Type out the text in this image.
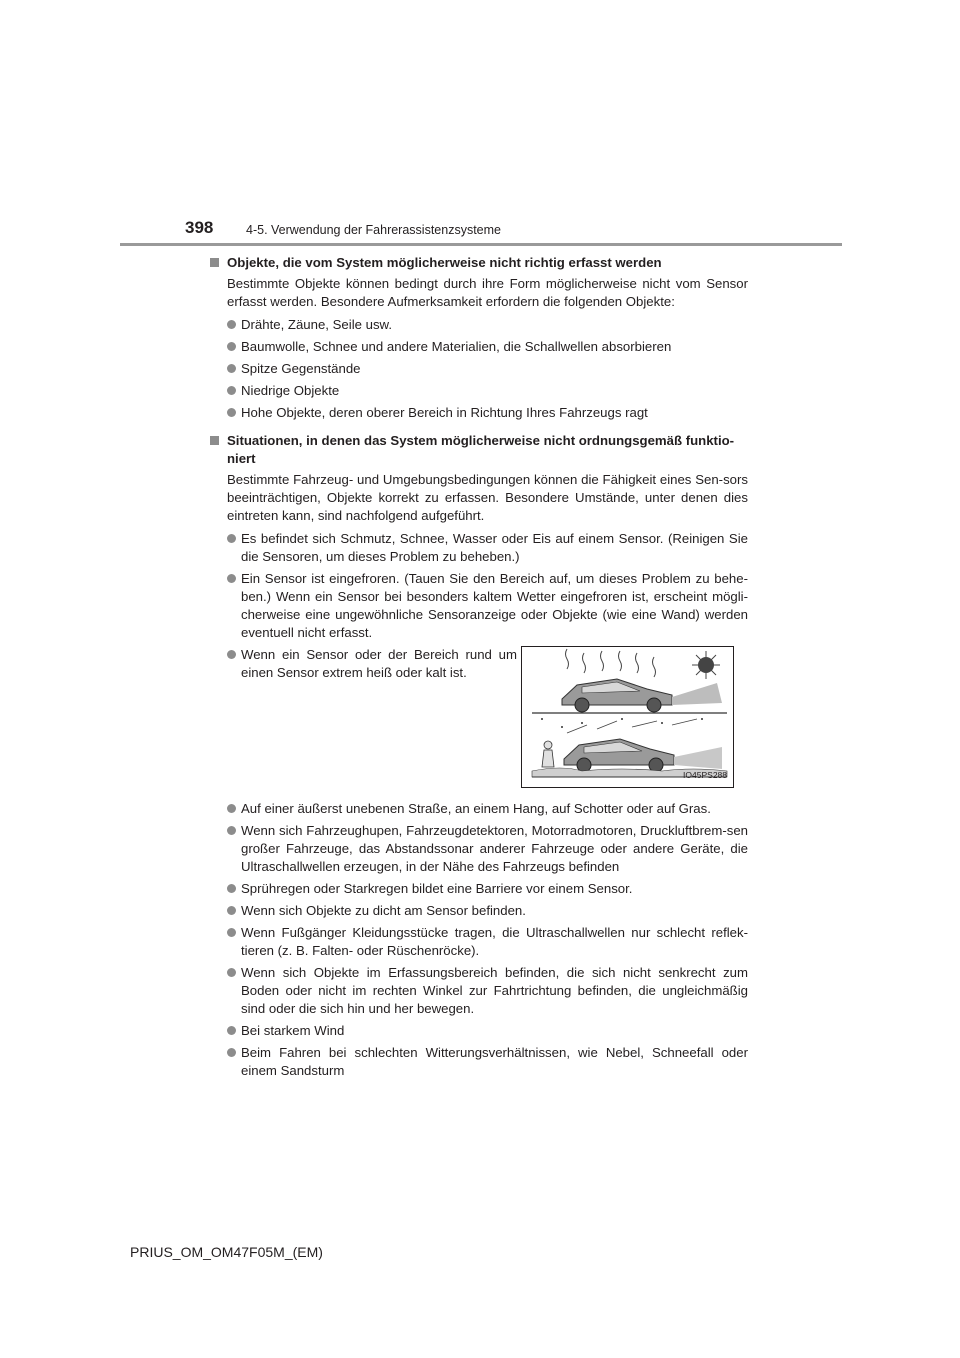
398	4-5. Verwendung der Fahrerassistenzsysteme
Objekte, die vom System möglicherweise nicht richtig erfasst werden
Bestimmte Objekte können bedingt durch ihre Form möglicherweise nicht vom Sensor erfasst werden. Besondere Aufmerksamkeit erfordern die folgenden Objekte:
Drähte, Zäune, Seile usw.
Baumwolle, Schnee und andere Materialien, die Schallwellen absorbieren
Spitze Gegenstände
Niedrige Objekte
Hohe Objekte, deren oberer Bereich in Richtung Ihres Fahrzeugs ragt
Situationen, in denen das System möglicherweise nicht ordnungsgemäß funktio-niert
Bestimmte Fahrzeug- und Umgebungsbedingungen können die Fähigkeit eines Sen-sors beeinträchtigen, Objekte korrekt zu erfassen. Besondere Umstände, unter denen dies eintreten kann, sind nachfolgend aufgeführt.
Es befindet sich Schmutz, Schnee, Wasser oder Eis auf einem Sensor. (Reinigen Sie die Sensoren, um dieses Problem zu beheben.)
Ein Sensor ist eingefroren. (Tauen Sie den Bereich auf, um dieses Problem zu behe-ben.) Wenn ein Sensor bei besonders kaltem Wetter eingefroren ist, erscheint mögli-cherweise eine ungewöhnliche Sensoranzeige oder Objekte (wie eine Wand) werden eventuell nicht erfasst.
Wenn ein Sensor oder der Bereich rund um einen Sensor extrem heiß oder kalt ist.
IO45PS288
Auf einer äußerst unebenen Straße, an einem Hang, auf Schotter oder auf Gras.
Wenn sich Fahrzeughupen, Fahrzeugdetektoren, Motorradmotoren, Druckluftbrem-sen großer Fahrzeuge, das Abstandssonar anderer Fahrzeuge oder andere Geräte, die Ultraschallwellen erzeugen, in der Nähe des Fahrzeugs befinden
Sprühregen oder Starkregen bildet eine Barriere vor einem Sensor.
Wenn sich Objekte zu dicht am Sensor befinden.
Wenn Fußgänger Kleidungsstücke tragen, die Ultraschallwellen nur schlecht reflek-tieren (z. B. Falten- oder Rüschenröcke).
Wenn sich Objekte im Erfassungsbereich befinden, die sich nicht senkrecht zum Boden oder nicht im rechten Winkel zur Fahrtrichtung befinden, die ungleichmäßig sind oder die sich hin und her bewegen.
Bei starkem Wind
Beim Fahren bei schlechten Witterungsverhältnissen, wie Nebel, Schneefall oder einem Sandsturm
PRIUS_OM_OM47F05M_(EM)
